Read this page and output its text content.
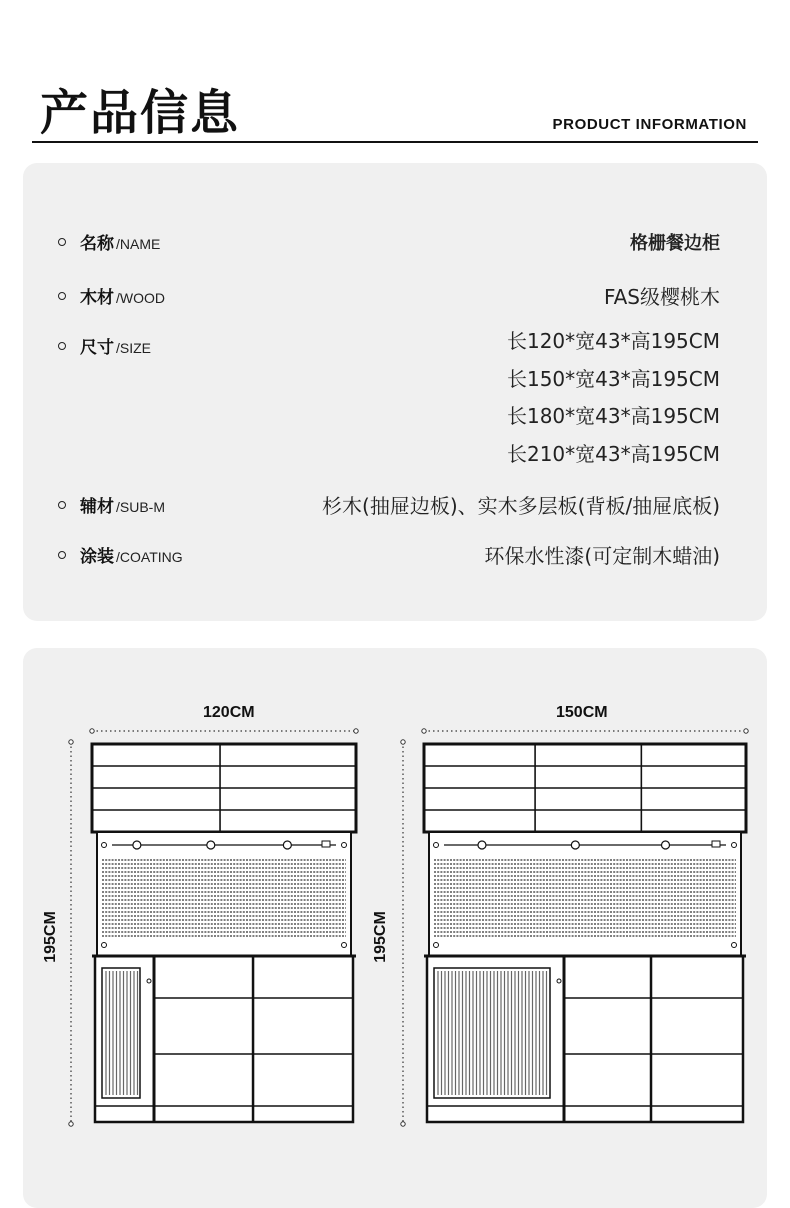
产品信息	PRODUCT INFORMATION
名称 /NAME	格栅餐边柜
木材 /WOOD	FAS级樱桃木
尺寸 /SIZE	长120*宽43*高195CM
长150*宽43*高195CM
长180*宽43*高195CM
长210*宽43*高195CM
辅材 /SUB-M	杉木(抽屉边板)、实木多层板(背板/抽屉底板)
涂装 /COATING	环保水性漆(可定制木蜡油)
120CM
195CM
150CM
195CM
